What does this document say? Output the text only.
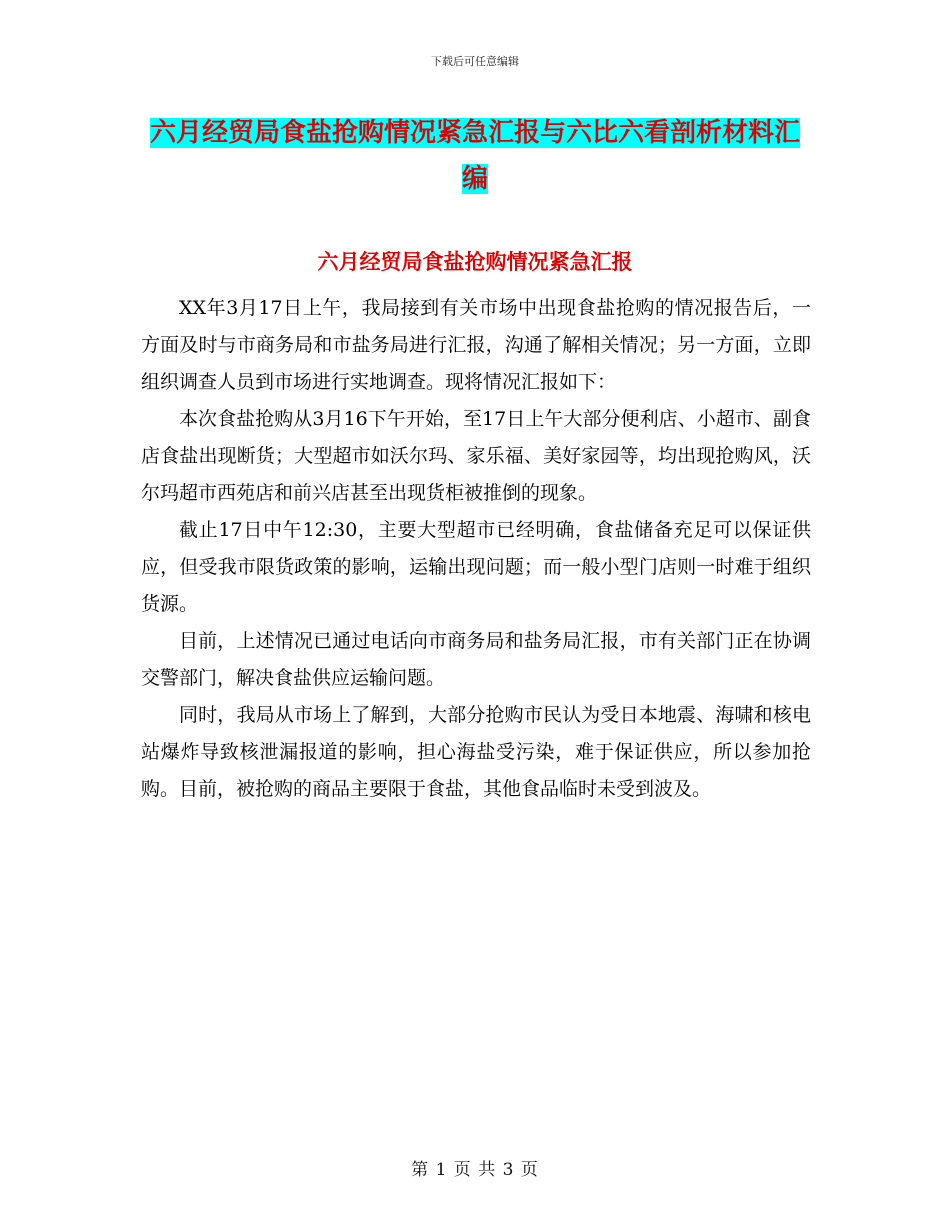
下载后可任意编辑
六月经贸局食盐抢购情况紧急汇报与六比六看剖析材料汇编
六月经贸局食盐抢购情况紧急汇报

XX年3月17日上午，我局接到有关市场中出现食盐抢购的情况报告后，一方面及时与市商务局和市盐务局进行汇报，沟通了解相关情况；另一方面，立即组织调查人员到市场进行实地调查。现将情况汇报如下：

本次食盐抢购从3月16下午开始，至17日上午大部分便利店、小超市、副食店食盐出现断货；大型超市如沃尔玛、家乐福、美好家园等，均出现抢购风，沃尔玛超市西苑店和前兴店甚至出现货柜被推倒的现象。

截止17日中午12:30，主要大型超市已经明确，食盐储备充足可以保证供应，但受我市限货政策的影响，运输出现问题；而一般小型门店则一时难于组织货源。

目前，上述情况已通过电话向市商务局和盐务局汇报，市有关部门正在协调交警部门，解决食盐供应运输问题。

同时，我局从市场上了解到，大部分抢购市民认为受日本地震、海啸和核电站爆炸导致核泄漏报道的影响，担心海盐受污染，难于保证供应，所以参加抢购。目前，被抢购的商品主要限于食盐，其他食品临时未受到波及。

第 1 页 共 3 页
